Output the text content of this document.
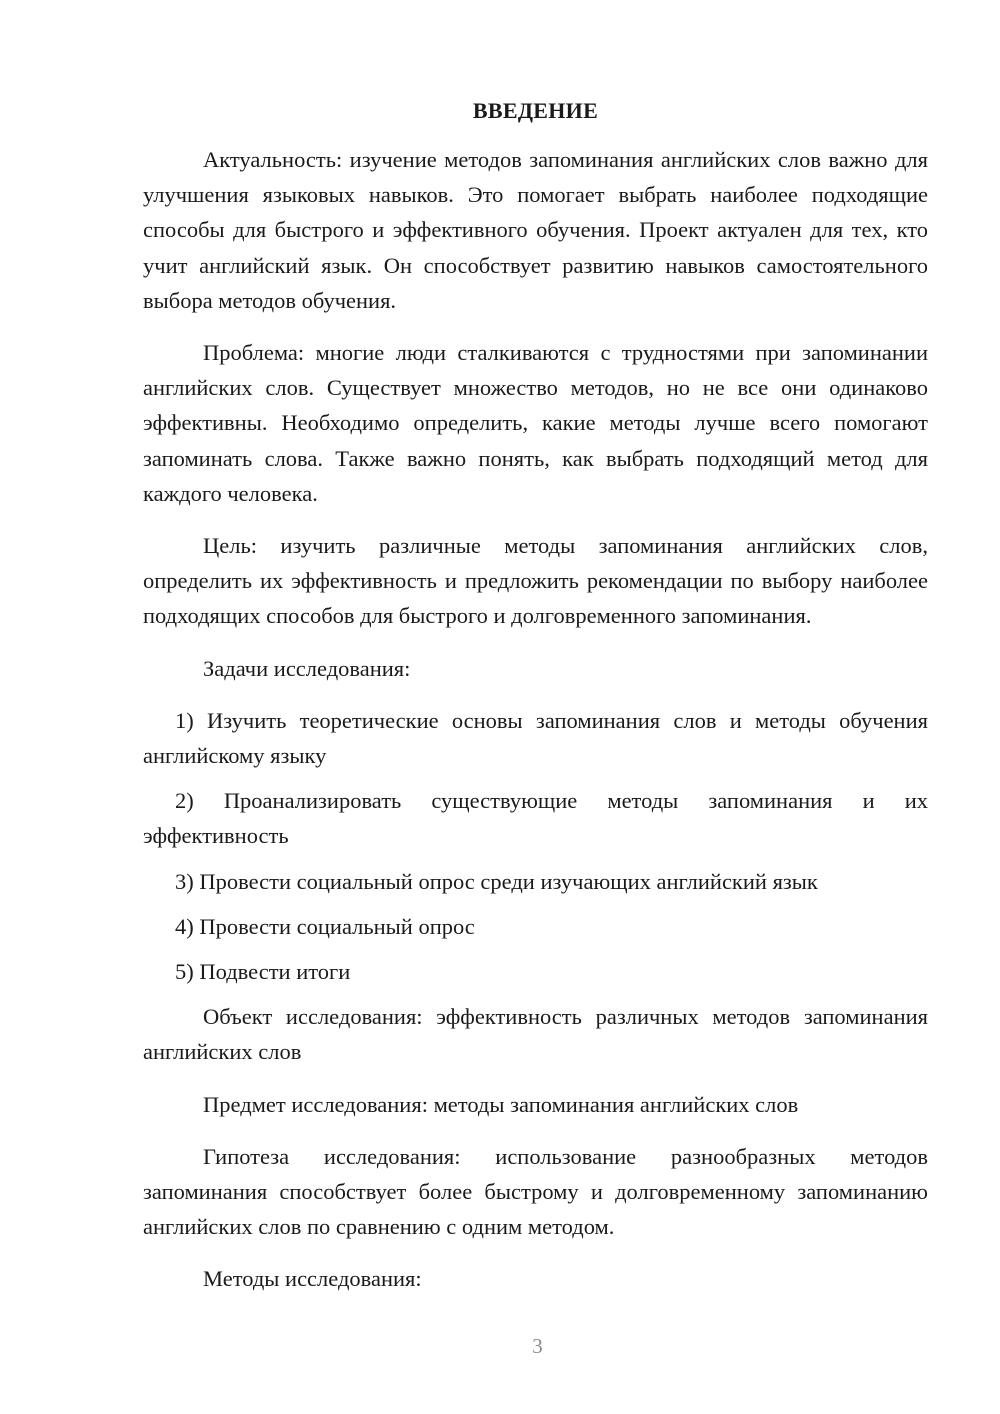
ВВЕДЕНИЕ

Актуальность: изучение методов запоминания английских слов важно для улучшения языковых навыков. Это помогает выбрать наиболее подходящие способы для быстрого и эффективного обучения. Проект актуален для тех, кто учит английский язык. Он способствует развитию навыков самостоятельного выбора методов обучения.

Проблема: многие люди сталкиваются с трудностями при запоминании английских слов. Существует множество методов, но не все они одинаково эффективны. Необходимо определить, какие методы лучше всего помогают запоминать слова. Также важно понять, как выбрать подходящий метод для каждого человека.

Цель: изучить различные методы запоминания английских слов, определить их эффективность и предложить рекомендации по выбору наиболее подходящих способов для быстрого и долговременного запоминания.

Задачи исследования:

1) Изучить теоретические основы запоминания слов и методы обучения английскому языку

2) Проанализировать существующие методы запоминания и их эффективность

3) Провести социальный опрос среди изучающих английский язык

4) Провести социальный опрос

5) Подвести итоги

Объект исследования: эффективность различных методов запоминания английских слов

Предмет исследования: методы запоминания английских слов

Гипотеза исследования: использование разнообразных методов запоминания способствует более быстрому и долговременному запоминанию английских слов по сравнению с одним методом.

Методы исследования:

3
